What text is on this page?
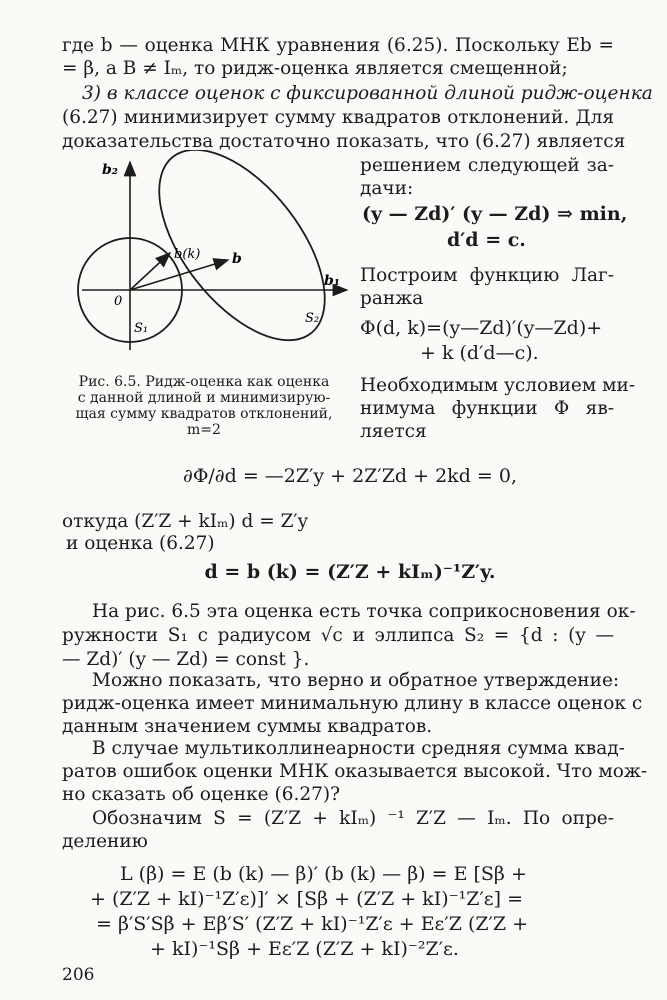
где b — оценка МНК уравнения (6.25). Поскольку Eb =
= β, а B ≠ Iₘ, то ридж-оценка является смещенной;
3) в классе оценок с фиксированной длиной ридж-оценка
(6.27) минимизирует сумму квадратов отклонений. Для
доказательства достаточно показать, что (6.27) является
решением следующей за-
дачи:
(y — Zd)′ (y — Zd) ⇒ min,
d′d = c.
Построим функцию Лаг-
ранжа
Φ(d, k)=(y—Zd)′(y—Zd)+
+ k (d′d—c).
Необходимым условием ми-
нимума функции Φ яв-
ляется
b₂
b₁
0
b(k) b
S₁
S₂
Рис. 6.5. Ридж-оценка как оценка
с данной длиной и минимизирую-
щая сумму квадратов отклонений,
m=2
∂Φ/∂d = —2Z′y + 2Z′Zd + 2kd = 0,
откуда (Z′Z + kIₘ) d = Z′y
и оценка (6.27)
d = b (k) = (Z′Z + kIₘ)⁻¹Z′y.
На рис. 6.5 эта оценка есть точка соприкосновения ок-
ружности S₁ с радиусом √c и эллипса S₂ = {d : (y —
— Zd)′ (y — Zd) = const }.
Можно показать, что верно и обратное утверждение:
ридж-оценка имеет минимальную длину в классе оценок с
данным значением суммы квадратов.
В случае мультиколлинеарности средняя сумма квад-
ратов ошибок оценки МНК оказывается высокой. Что мож-
но сказать об оценке (6.27)?
Обозначим S = (Z′Z + kIₘ) ⁻¹ Z′Z — Iₘ. По опре-
делению
L (β) = E (b (k) — β)′ (b (k) — β) = E [Sβ +
+ (Z′Z + kI)⁻¹Z′ε)]′ × [Sβ + (Z′Z + kI)⁻¹Z′ε] =
= β′S′Sβ + Eβ′S′ (Z′Z + kI)⁻¹Z′ε + Eε′Z (Z′Z +
+ kI)⁻¹Sβ + Eε′Z (Z′Z + kI)⁻²Z′ε.
206
